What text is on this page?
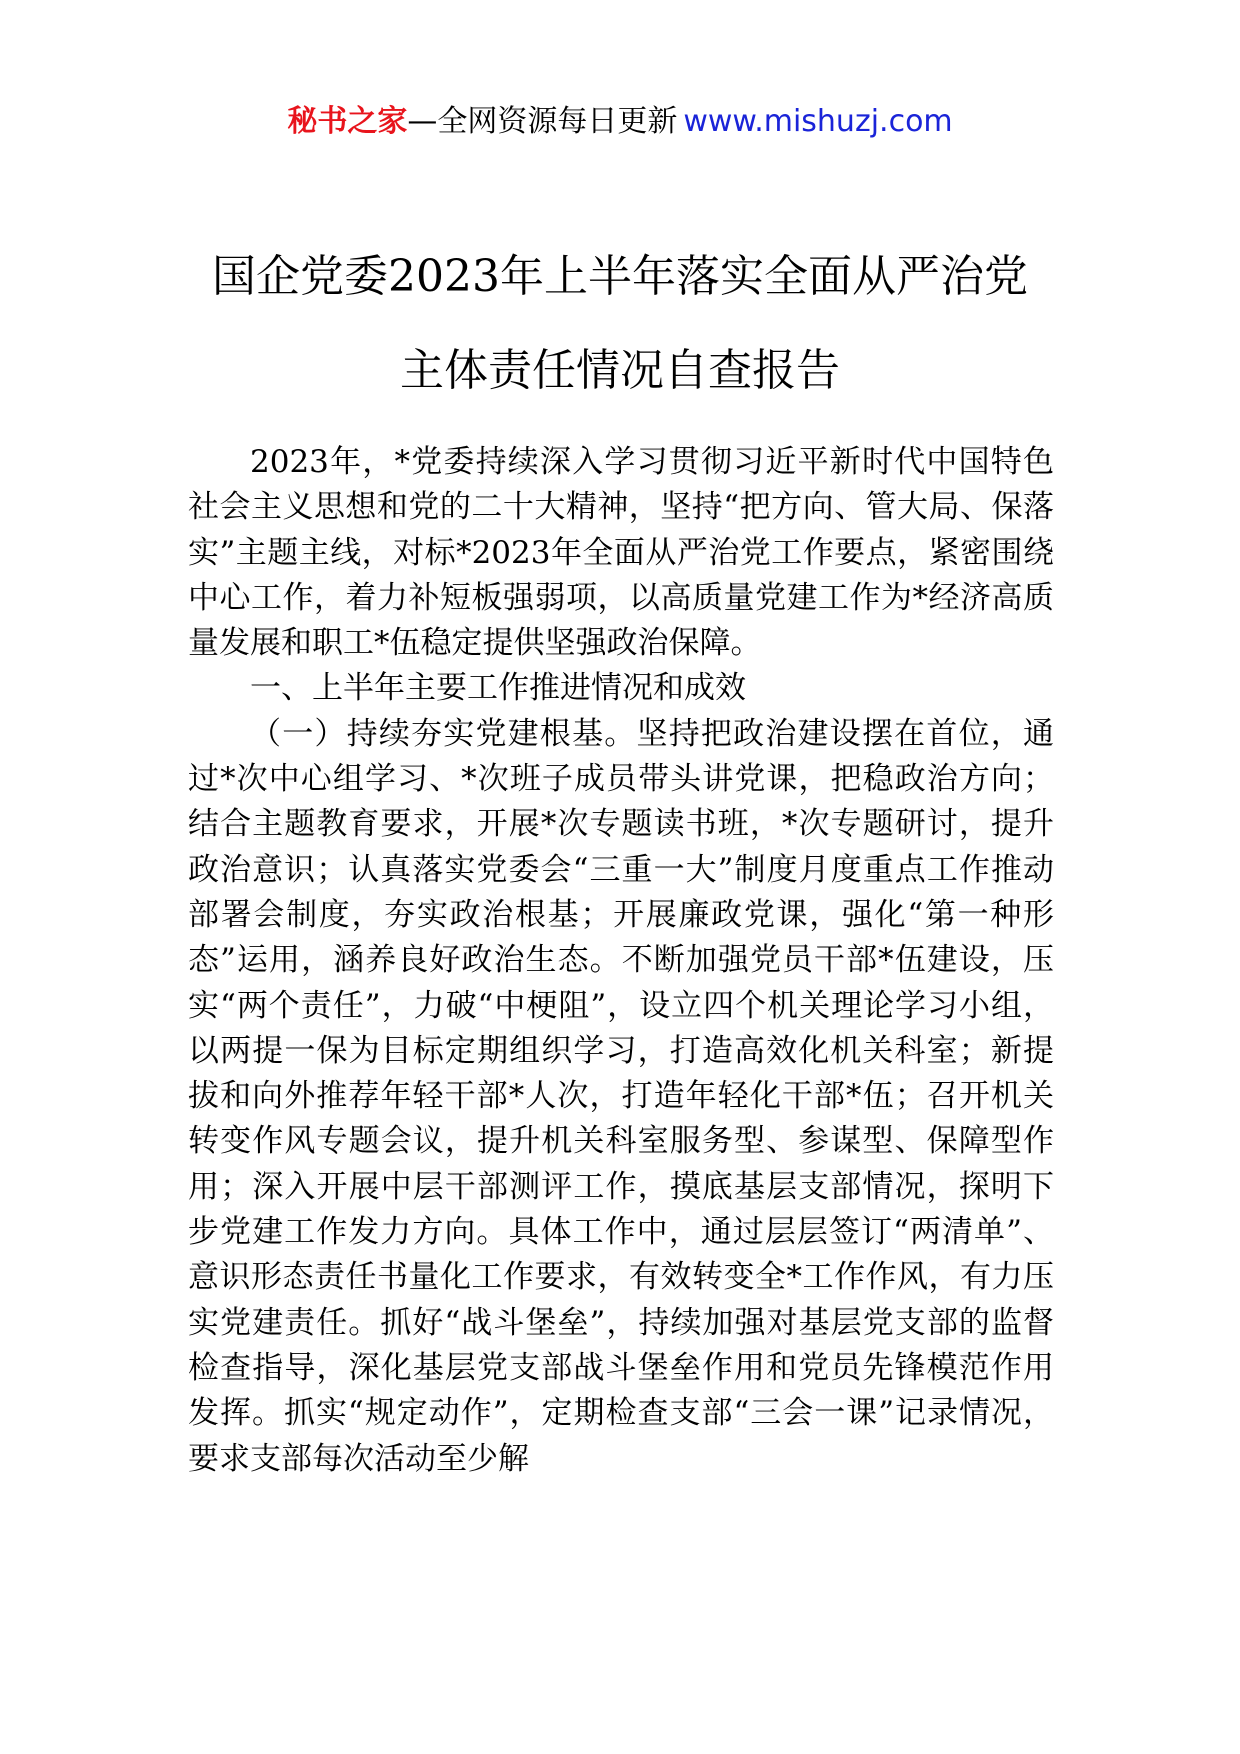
秘书之家—全网资源每日更新 www.mishuzj.com
国企党委2023年上半年落实全面从严治党
主体责任情况自查报告

2023年，*党委持续深入学习贯彻习近平新时代中国特色社会主义思想和党的二十大精神，坚持“把方向、管大局、保落实”主题主线，对标*2023年全面从严治党工作要点，紧密围绕中心工作，着力补短板强弱项，以高质量党建工作为*经济高质量发展和职工*伍稳定提供坚强政治保障。

一、上半年主要工作推进情况和成效

（一）持续夯实党建根基。坚持把政治建设摆在首位，通过*次中心组学习、*次班子成员带头讲党课，把稳政治方向；结合主题教育要求，开展*次专题读书班，*次专题研讨，提升政治意识；认真落实党委会“三重一大”制度月度重点工作推动部署会制度，夯实政治根基；开展廉政党课，强化“第一种形态”运用，涵养良好政治生态。不断加强党员干部*伍建设，压实“两个责任”，力破“中梗阻”，设立四个机关理论学习小组，以两提一保为目标定期组织学习，打造高效化机关科室；新提拔和向外推荐年轻干部*人次，打造年轻化干部*伍；召开机关转变作风专题会议，提升机关科室服务型、参谋型、保障型作用；深入开展中层干部测评工作，摸底基层支部情况，探明下步党建工作发力方向。具体工作中，通过层层签订“两清单”、意识形态责任书量化工作要求，有效转变全*工作作风，有力压实党建责任。抓好“战斗堡垒”，持续加强对基层党支部的监督检查指导，深化基层党支部战斗堡垒作用和党员先锋模范作用发挥。抓实“规定动作”，定期检查支部“三会一课”记录情况，要求支部每次活动至少解
